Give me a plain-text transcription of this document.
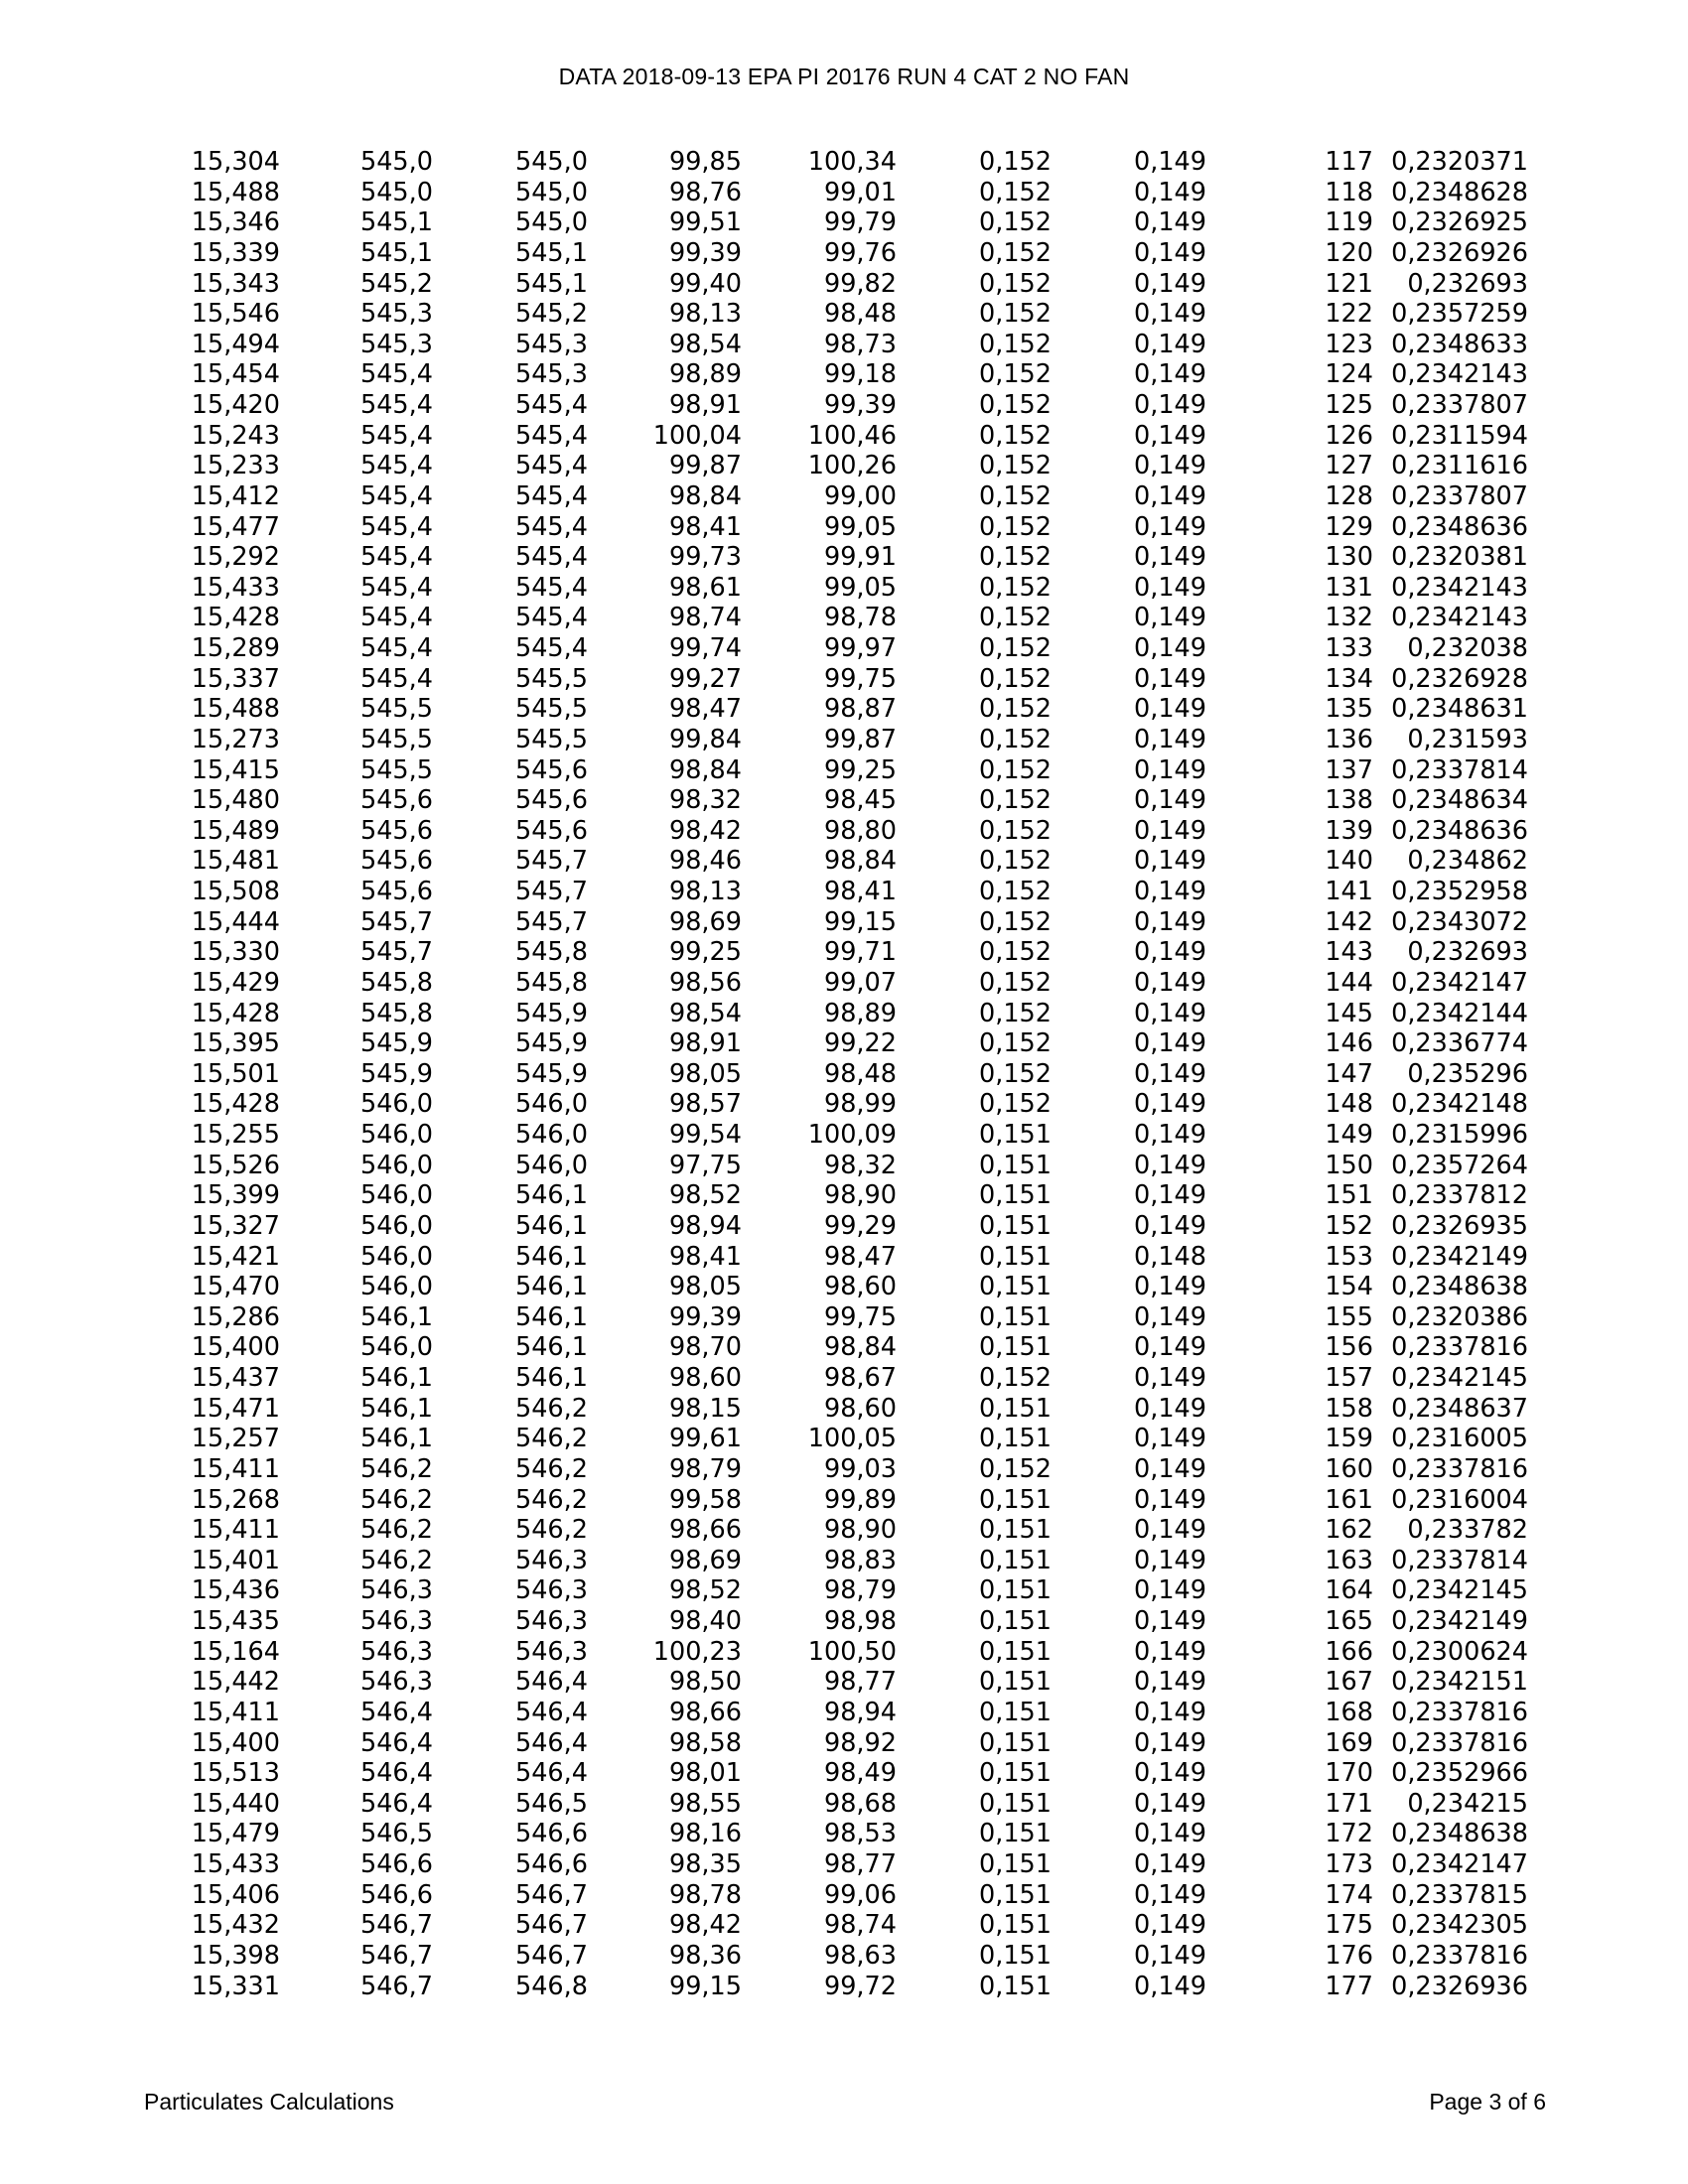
DATA 2018-09-13 EPA PI 20176 RUN 4 CAT 2 NO FAN
15,304	545,0	545,0	99,85	100,34	0,152	0,149	117	0,2320371
15,488	545,0	545,0	98,76	99,01	0,152	0,149	118	0,2348628
15,346	545,1	545,0	99,51	99,79	0,152	0,149	119	0,2326925
15,339	545,1	545,1	99,39	99,76	0,152	0,149	120	0,2326926
15,343	545,2	545,1	99,40	99,82	0,152	0,149	121	0,232693
15,546	545,3	545,2	98,13	98,48	0,152	0,149	122	0,2357259
15,494	545,3	545,3	98,54	98,73	0,152	0,149	123	0,2348633
15,454	545,4	545,3	98,89	99,18	0,152	0,149	124	0,2342143
15,420	545,4	545,4	98,91	99,39	0,152	0,149	125	0,2337807
15,243	545,4	545,4	100,04	100,46	0,152	0,149	126	0,2311594
15,233	545,4	545,4	99,87	100,26	0,152	0,149	127	0,2311616
15,412	545,4	545,4	98,84	99,00	0,152	0,149	128	0,2337807
15,477	545,4	545,4	98,41	99,05	0,152	0,149	129	0,2348636
15,292	545,4	545,4	99,73	99,91	0,152	0,149	130	0,2320381
15,433	545,4	545,4	98,61	99,05	0,152	0,149	131	0,2342143
15,428	545,4	545,4	98,74	98,78	0,152	0,149	132	0,2342143
15,289	545,4	545,4	99,74	99,97	0,152	0,149	133	0,232038
15,337	545,4	545,5	99,27	99,75	0,152	0,149	134	0,2326928
15,488	545,5	545,5	98,47	98,87	0,152	0,149	135	0,2348631
15,273	545,5	545,5	99,84	99,87	0,152	0,149	136	0,231593
15,415	545,5	545,6	98,84	99,25	0,152	0,149	137	0,2337814
15,480	545,6	545,6	98,32	98,45	0,152	0,149	138	0,2348634
15,489	545,6	545,6	98,42	98,80	0,152	0,149	139	0,2348636
15,481	545,6	545,7	98,46	98,84	0,152	0,149	140	0,234862
15,508	545,6	545,7	98,13	98,41	0,152	0,149	141	0,2352958
15,444	545,7	545,7	98,69	99,15	0,152	0,149	142	0,2343072
15,330	545,7	545,8	99,25	99,71	0,152	0,149	143	0,232693
15,429	545,8	545,8	98,56	99,07	0,152	0,149	144	0,2342147
15,428	545,8	545,9	98,54	98,89	0,152	0,149	145	0,2342144
15,395	545,9	545,9	98,91	99,22	0,152	0,149	146	0,2336774
15,501	545,9	545,9	98,05	98,48	0,152	0,149	147	0,235296
15,428	546,0	546,0	98,57	98,99	0,152	0,149	148	0,2342148
15,255	546,0	546,0	99,54	100,09	0,151	0,149	149	0,2315996
15,526	546,0	546,0	97,75	98,32	0,151	0,149	150	0,2357264
15,399	546,0	546,1	98,52	98,90	0,151	0,149	151	0,2337812
15,327	546,0	546,1	98,94	99,29	0,151	0,149	152	0,2326935
15,421	546,0	546,1	98,41	98,47	0,151	0,148	153	0,2342149
15,470	546,0	546,1	98,05	98,60	0,151	0,149	154	0,2348638
15,286	546,1	546,1	99,39	99,75	0,151	0,149	155	0,2320386
15,400	546,0	546,1	98,70	98,84	0,151	0,149	156	0,2337816
15,437	546,1	546,1	98,60	98,67	0,152	0,149	157	0,2342145
15,471	546,1	546,2	98,15	98,60	0,151	0,149	158	0,2348637
15,257	546,1	546,2	99,61	100,05	0,151	0,149	159	0,2316005
15,411	546,2	546,2	98,79	99,03	0,152	0,149	160	0,2337816
15,268	546,2	546,2	99,58	99,89	0,151	0,149	161	0,2316004
15,411	546,2	546,2	98,66	98,90	0,151	0,149	162	0,233782
15,401	546,2	546,3	98,69	98,83	0,151	0,149	163	0,2337814
15,436	546,3	546,3	98,52	98,79	0,151	0,149	164	0,2342145
15,435	546,3	546,3	98,40	98,98	0,151	0,149	165	0,2342149
15,164	546,3	546,3	100,23	100,50	0,151	0,149	166	0,2300624
15,442	546,3	546,4	98,50	98,77	0,151	0,149	167	0,2342151
15,411	546,4	546,4	98,66	98,94	0,151	0,149	168	0,2337816
15,400	546,4	546,4	98,58	98,92	0,151	0,149	169	0,2337816
15,513	546,4	546,4	98,01	98,49	0,151	0,149	170	0,2352966
15,440	546,4	546,5	98,55	98,68	0,151	0,149	171	0,234215
15,479	546,5	546,6	98,16	98,53	0,151	0,149	172	0,2348638
15,433	546,6	546,6	98,35	98,77	0,151	0,149	173	0,2342147
15,406	546,6	546,7	98,78	99,06	0,151	0,149	174	0,2337815
15,432	546,7	546,7	98,42	98,74	0,151	0,149	175	0,2342305
15,398	546,7	546,7	98,36	98,63	0,151	0,149	176	0,2337816
15,331	546,7	546,8	99,15	99,72	0,151	0,149	177	0,2326936
Particulates Calculations	Page 3 of 6
